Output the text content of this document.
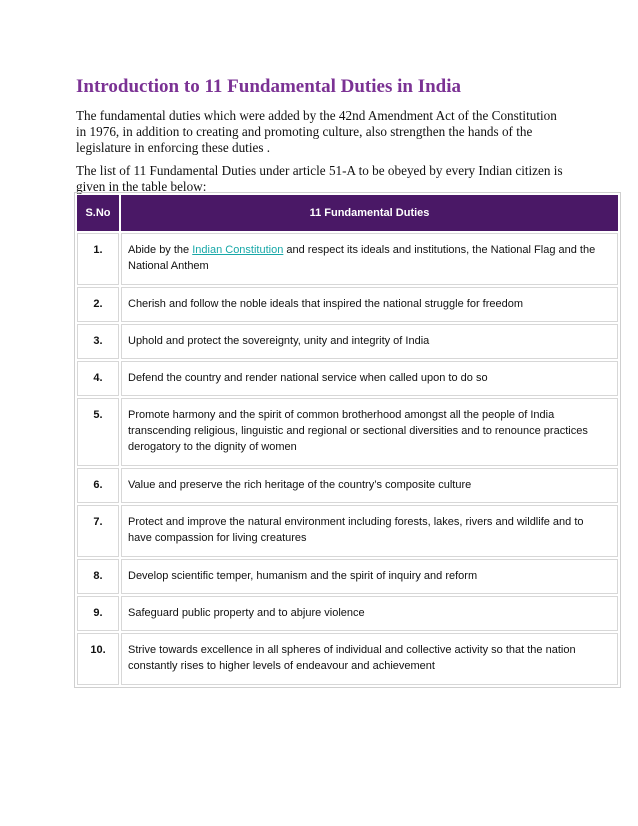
Introduction to 11 Fundamental Duties in India

The fundamental duties which were added by the 42nd Amendment Act of the Constitution in 1976, in addition to creating and promoting culture, also strengthen the hands of the legislature in enforcing these duties .

The list of 11 Fundamental Duties under article 51-A to be obeyed by every Indian citizen is given in the table below:

S.No	11 Fundamental Duties
1.	Abide by the Indian Constitution and respect its ideals and institutions, the National Flag and the National Anthem
2.	Cherish and follow the noble ideals that inspired the national struggle for freedom
3.	Uphold and protect the sovereignty, unity and integrity of India
4.	Defend the country and render national service when called upon to do so
5.	Promote harmony and the spirit of common brotherhood amongst all the people of India transcending religious, linguistic and regional or sectional diversities and to renounce practices derogatory to the dignity of women
6.	Value and preserve the rich heritage of the country’s composite culture
7.	Protect and improve the natural environment including forests, lakes, rivers and wildlife and to have compassion for living creatures
8.	Develop scientific temper, humanism and the spirit of inquiry and reform
9.	Safeguard public property and to abjure violence
10.	Strive towards excellence in all spheres of individual and collective activity so that the nation constantly rises to higher levels of endeavour and achievement
